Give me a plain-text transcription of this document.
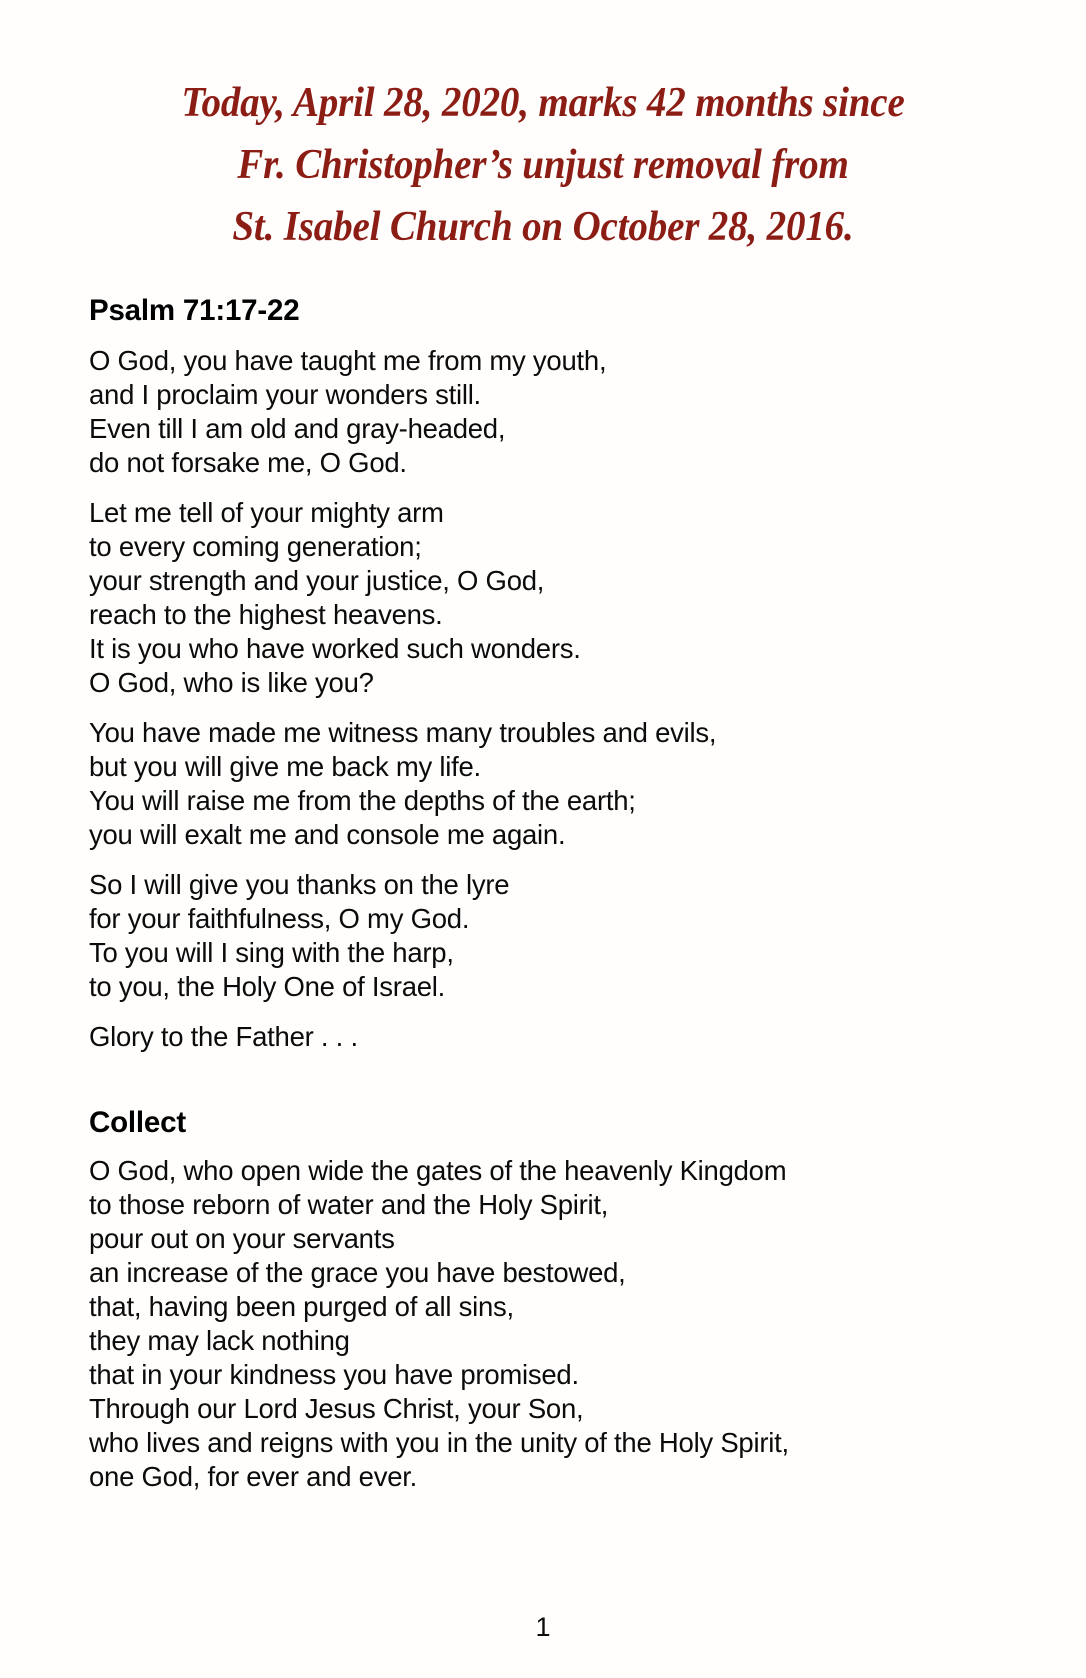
Today, April 28, 2020, marks 42 months since
Fr. Christopher’s unjust removal from
St. Isabel Church on October 28, 2016.
Psalm 71:17-22
O God, you have taught me from my youth,
and I proclaim your wonders still.
Even till I am old and gray-headed,
do not forsake me, O God.
Let me tell of your mighty arm
to every coming generation;
your strength and your justice, O God,
reach to the highest heavens.
It is you who have worked such wonders.
O God, who is like you?
You have made me witness many troubles and evils,
but you will give me back my life.
You will raise me from the depths of the earth;
you will exalt me and console me again.
So I will give you thanks on the lyre
for your faithfulness, O my God.
To you will I sing with the harp,
to you, the Holy One of Israel.
Glory to the Father . . .
Collect
O God, who open wide the gates of the heavenly Kingdom
to those reborn of water and the Holy Spirit,
pour out on your servants
an increase of the grace you have bestowed,
that, having been purged of all sins,
they may lack nothing
that in your kindness you have promised.
Through our Lord Jesus Christ, your Son,
who lives and reigns with you in the unity of the Holy Spirit,
one God, for ever and ever.
1
